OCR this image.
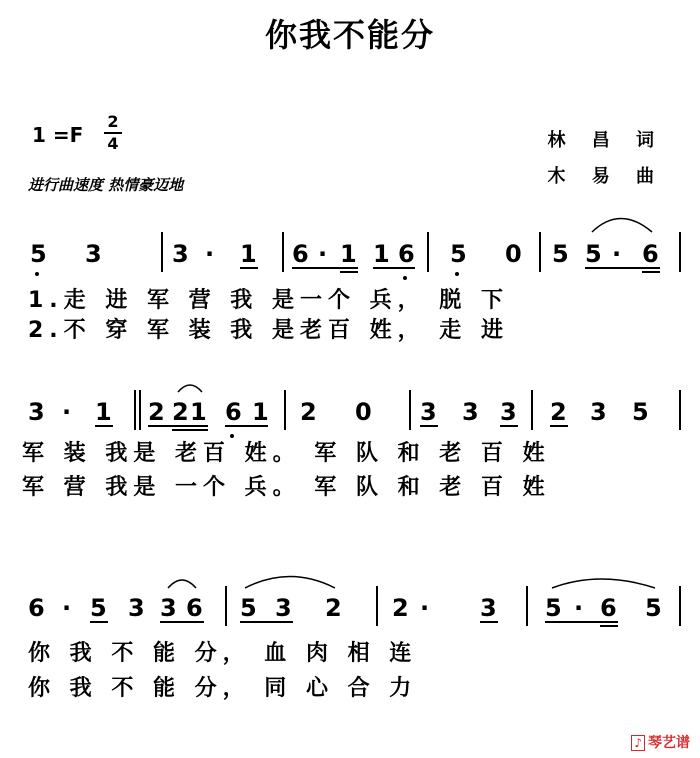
你我不能分
1 =F
2
4
进行曲速度 热情豪迈地
林 昌 词
木 易 曲
5 3	3 · 1 6 · 1 1 6 5 0 5 5 · 6
3 · 1 2 2 1 6 1 2 0 3 3 3 2 3 5
6 · 5 3 3 6 5 3 2 2 · 3 5 · 6 5
1.走 进 军 营 我 是一个 兵， 脱 下
2.不 穿 军 装 我 是老百 姓， 走 进
军 装 我是 老百 姓。 军 队 和 老 百 姓
军 营 我是 一个 兵。 军 队 和 老 百 姓
你 我 不 能 分， 血 肉 相 连
你 我 不 能 分， 同 心 合 力
♪ 琴艺谱
